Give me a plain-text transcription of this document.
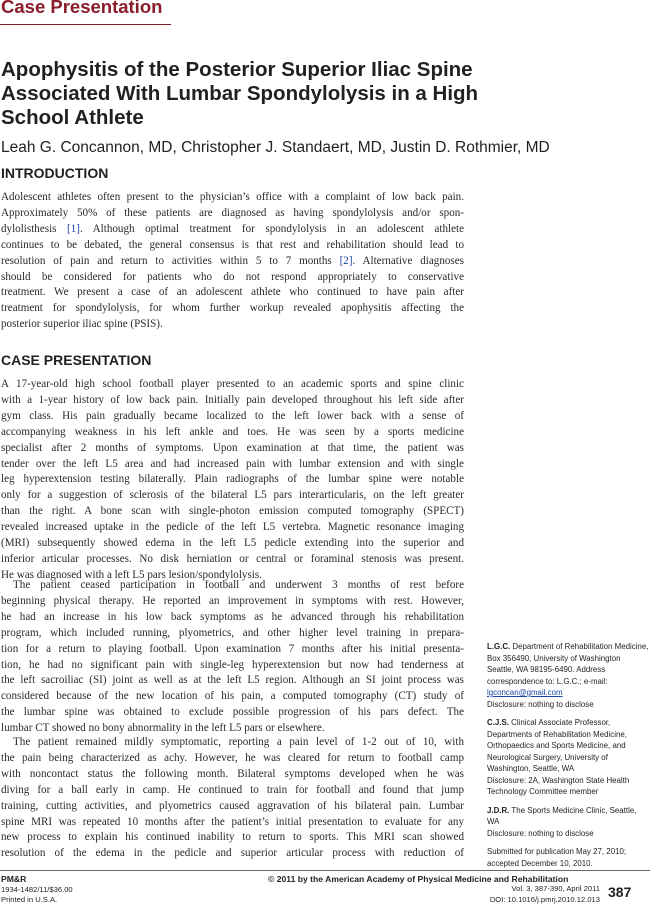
Case Presentation
Apophysitis of the Posterior Superior Iliac Spine
Associated With Lumbar Spondylolysis in a High
School Athlete
Leah G. Concannon, MD, Christopher J. Standaert, MD, Justin D. Rothmier, MD
INTRODUCTION
Adolescent athletes often present to the physician’s office with a complaint of low back pain.
Approximately 50% of these patients are diagnosed as having spondylolysis and/or spon-
dylolisthesis [1]. Although optimal treatment for spondylolysis in an adolescent athlete
continues to be debated, the general consensus is that rest and rehabilitation should lead to
resolution of pain and return to activities within 5 to 7 months [2]. Alternative diagnoses
should be considered for patients who do not respond appropriately to conservative
treatment. We present a case of an adolescent athlete who continued to have pain after
treatment for spondylolysis, for whom further workup revealed apophysitis affecting the
posterior superior iliac spine (PSIS).
CASE PRESENTATION
A 17-year-old high school football player presented to an academic sports and spine clinic
with a 1-year history of low back pain. Initially pain developed throughout his left side after
gym class. His pain gradually became localized to the left lower back with a sense of
accompanying weakness in his left ankle and toes. He was seen by a sports medicine
specialist after 2 months of symptoms. Upon examination at that time, the patient was
tender over the left L5 area and had increased pain with lumbar extension and with single
leg hyperextension testing bilaterally. Plain radiographs of the lumbar spine were notable
only for a suggestion of sclerosis of the bilateral L5 pars interarticularis, on the left greater
than the right. A bone scan with single-photon emission computed tomography (SPECT)
revealed increased uptake in the pedicle of the left L5 vertebra. Magnetic resonance imaging
(MRI) subsequently showed edema in the left L5 pedicle extending into the superior and
inferior articular processes. No disk herniation or central or foraminal stenosis was present.
He was diagnosed with a left L5 pars lesion/spondylolysis.
The patient ceased participation in football and underwent 3 months of rest before
beginning physical therapy. He reported an improvement in symptoms with rest. However,
he had an increase in his low back symptoms as he advanced through his rehabilitation
program, which included running, plyometrics, and other higher level training in prepara-
tion for a return to playing football. Upon examination 7 months after his initial presenta-
tion, he had no significant pain with single-leg hyperextension but now had tenderness at
the left sacroiliac (SI) joint as well as at the left L5 region. Although an SI joint process was
considered because of the new location of his pain, a computed tomography (CT) study of
the lumbar spine was obtained to exclude possible progression of his pars defect. The
lumbar CT showed no bony abnormality in the left L5 pars or elsewhere.
The patient remained mildly symptomatic, reporting a pain level of 1-2 out of 10, with
the pain being characterized as achy. However, he was cleared for return to football camp
with noncontact status the following month. Bilateral symptoms developed when he was
diving for a ball early in camp. He continued to train for football and found that jump
training, cutting activities, and plyometrics caused aggravation of his bilateral pain. Lumbar
spine MRI was repeated 10 months after the patient’s initial presentation to evaluate for any
new process to explain his continued inability to return to sports. This MRI scan showed
resolution of the edema in the pedicle and superior articular process with reduction of

L.G.C. Department of Rehabilitation Medicine, Box 356490, University of Washington Seattle, WA 98195-6490. Address correspondence to: L.G.C.; e-mail: lgconcan@gmail.com

Disclosure: nothing to disclose

C.J.S. Clinical Associate Professor, Departments of Rehabilitation Medicine, Orthopaedics and Sports Medicine, and Neurological Surgery, University of Washington, Seattle, WA

Disclosure: 2A, Washington State Health Technology Committee member

J.D.R. The Sports Medicine Clinic, Seattle, WA

Disclosure: nothing to disclose

Submitted for publication May 27, 2010; accepted December 10, 2010.

PM&R
1934-1482/11/$36.00
Printed in U.S.A.
© 2011 by the American Academy of Physical Medicine and Rehabilitation
Vol. 3, 387-390, April 2011
DOI: 10.1016/j.pmrj.2010.12.013 387
